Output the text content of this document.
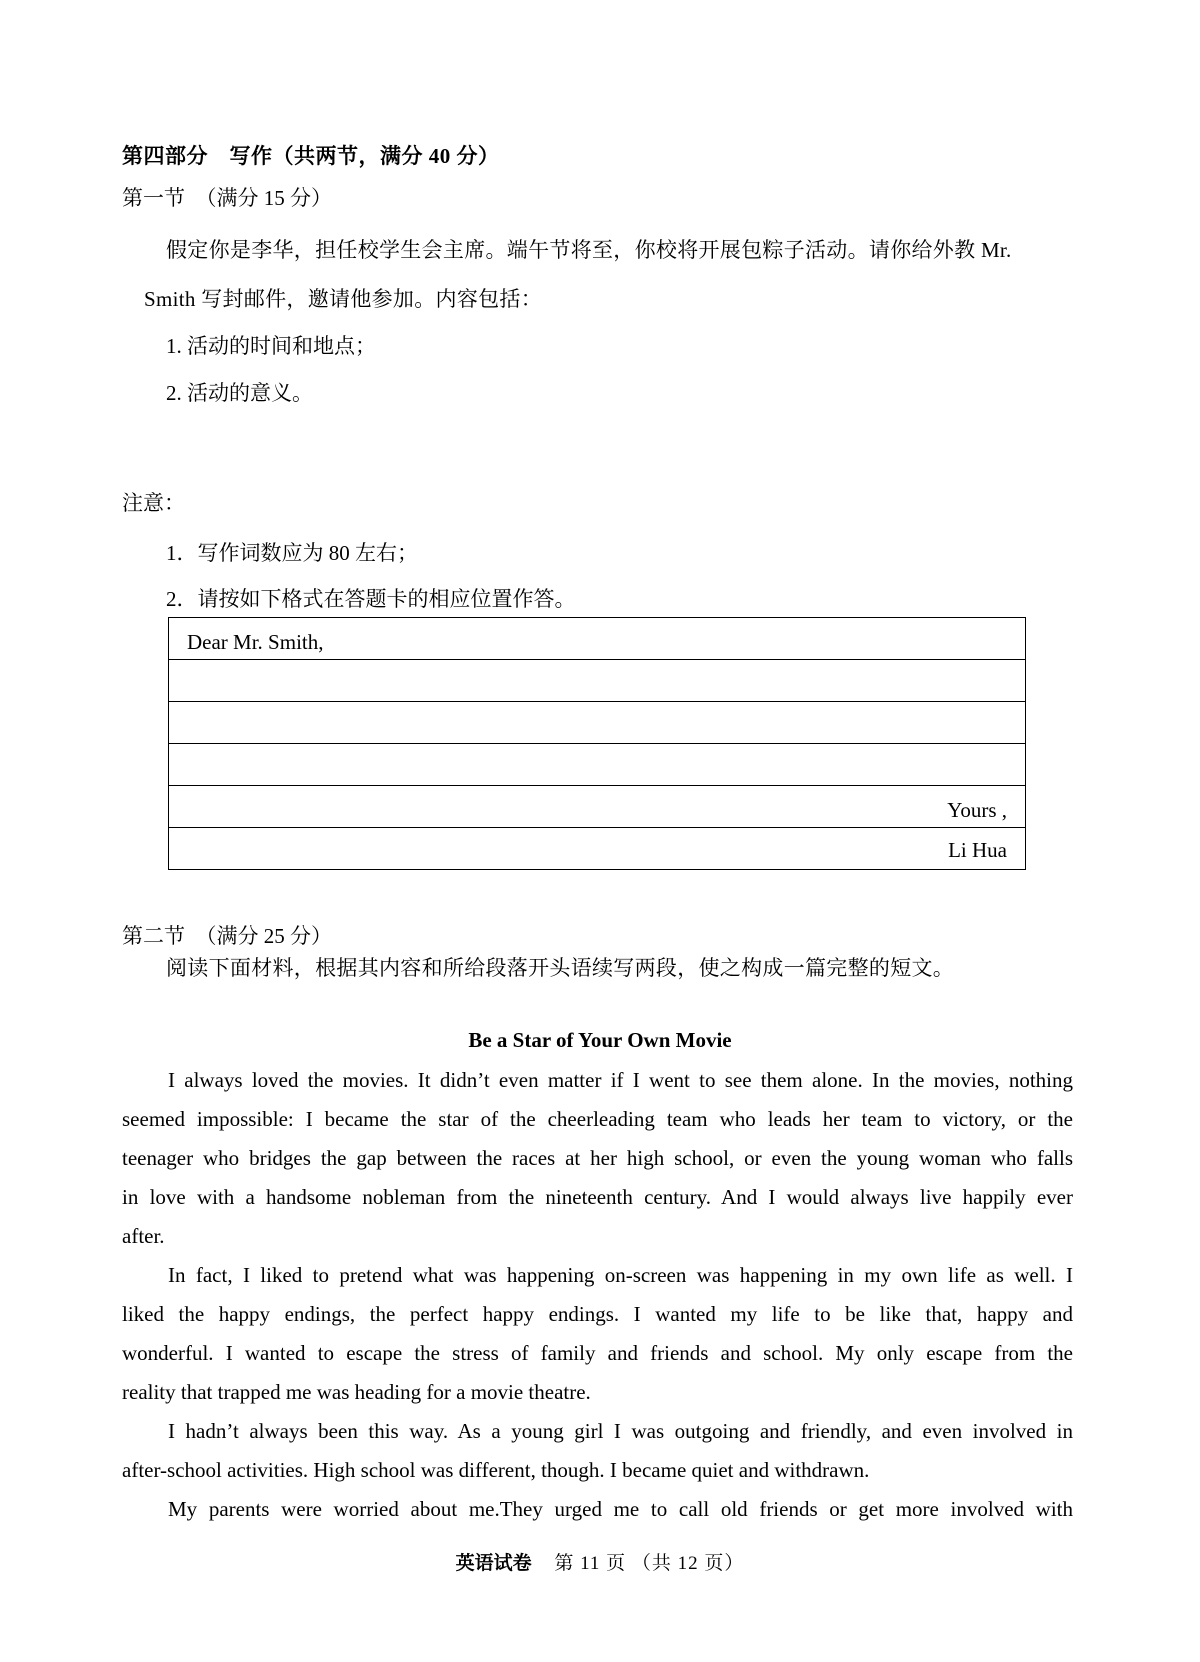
第四部分　写作（共两节，满分 40 分）
第一节　（满分 15 分）
假定你是李华，担任校学生会主席。端午节将至，你校将开展包粽子活动。请你给外教 Mr.
Smith 写封邮件，邀请他参加。内容包括：
1. 活动的时间和地点；
2. 活动的意义。
注意：
1．写作词数应为 80 左右；
2．请按如下格式在答题卡的相应位置作答。
Dear Mr. Smith,
Yours ,
Li Hua
第二节　（满分 25 分）
阅读下面材料，根据其内容和所给段落开头语续写两段，使之构成一篇完整的短文。
Be a Star of Your Own Movie
I always loved the movies. It didn’t even matter if I went to see them alone. In the movies, nothing
seemed impossible: I became the star of the cheerleading team who leads her team to victory, or the
teenager who bridges the gap between the races at her high school, or even the young woman who falls
in love with a handsome nobleman from the nineteenth century. And I would always live happily ever
after.
In fact, I liked to pretend what was happening on-screen was happening in my own life as well. I
liked the happy endings, the perfect happy endings. I wanted my life to be like that, happy and
wonderful. I wanted to escape the stress of family and friends and school. My only escape from the
reality that trapped me was heading for a movie theatre.
I hadn’t always been this way. As a young girl I was outgoing and friendly, and even involved in
after-school activities. High school was different, though. I became quiet and withdrawn.
My parents were worried about me.They urged me to call old friends or get more involved with
英语试卷 第 11 页 （共 12 页）
